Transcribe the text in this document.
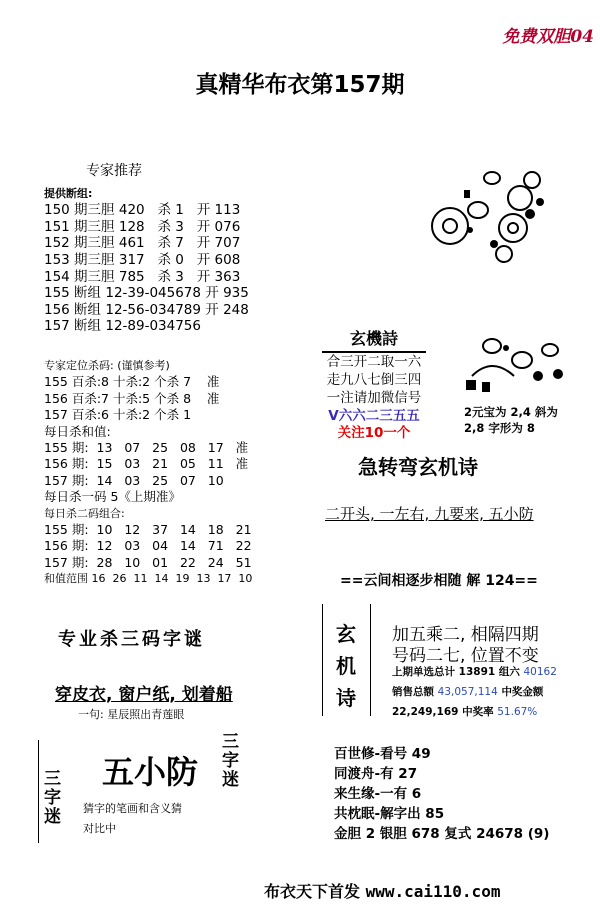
免费双胆04
真精华布衣第157期
专家推荐
提供断组:
150 期三胆 420   杀 1   开 113
151 期三胆 128   杀 3   开 076
152 期三胆 461   杀 7   开 707
153 期三胆 317   杀 0   开 608
154 期三胆 785   杀 3   开 363
155 断组 12-39-045678 开 935
156 断组 12-56-034789 开 248
157 断组 12-89-034756
专家定位杀码: (谨慎参考)
155 百杀:8 十杀:2 个杀 7    准
156 百杀:7 十杀:5 个杀 8    准
157 百杀:6 十杀:2 个杀 1
每日杀和值:
155 期:  13   07   25   08   17   准
156 期:  15   03   21   05   11   准
157 期:  14   03   25   07   10
每日杀一码 5《上期准》
每日杀二码组合:
155 期:  10   12   37   14   18   21
156 期:  12   03   04   14   71   22
157 期:  28   10   01   22   24   51
和值范围 16  26  11  14  19  13  17  10
专业杀三码字谜
穿皮衣, 窗户纸, 划着船
一句: 星辰照出青莲眼
五小防
三字迷
三字迷
猜字的笔画和含义猜
对比中
玄機詩
合三开二取一六
走九八七倒三四
一注请加微信号
V六六二三五五
关注10一个
2元宝为 2,4 斜为
2,8 字形为 8
急转弯玄机诗
二开头, 一左右, 九要来, 五小防
==云间相逐步相随 解 124==
玄机诗
加五乘二, 相隔四期
号码二七, 位置不变
上期单选总计 13891 组六 40162
销售总额 43,057,114 中奖金额
22,249,169 中奖率 51.67%
百世修-看号 49
同渡舟-有 27
来生缘-一有 6
共枕眠-解字出 85
金胆 2 银胆 678 复式 24678 (9)
布衣天下首发 www.cai110.com
